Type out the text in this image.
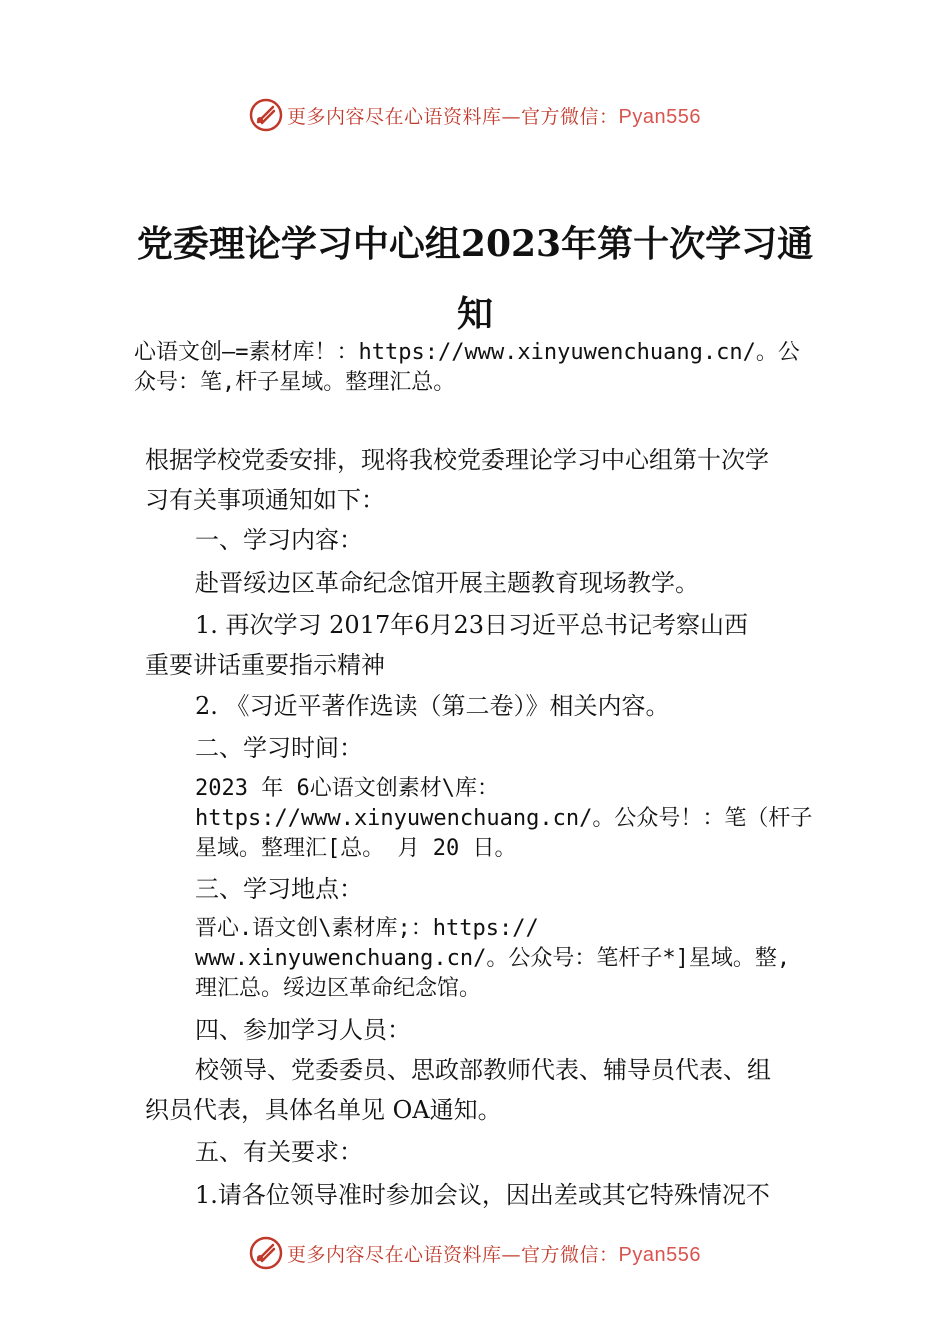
更多内容尽在心语资料库—官方微信：Pyan556
党委理论学习中心组2023年第十次学习通
知
心语文创—=素材库！：https://www.xinyuwenchuang.cn/。公
众号：笔,杆子星域。整理汇总。
根据学校党委安排，现将我校党委理论学习中心组第十次学
习有关事项通知如下：
一、学习内容：
赴晋绥边区革命纪念馆开展主题教育现场教学。
1. 再次学习 2017年6月23日习近平总书记考察山西
重要讲话重要指示精神
2. 《习近平著作选读（第二卷）》相关内容。
二、学习时间：
2023 年 6心语文创素材\库：
https://www.xinyuwenchuang.cn/。公众号！：笔（杆子
星域。整理汇[总。 月 20 日。
三、学习地点：
晋心.语文创\素材库;：https://
www.xinyuwenchuang.cn/。公众号：笔杆子*]星域。整,
理汇总。绥边区革命纪念馆。
四、参加学习人员：
校领导、党委委员、思政部教师代表、辅导员代表、组
织员代表，具体名单见 OA通知。
五、有关要求：
1.请各位领导准时参加会议，因出差或其它特殊情况不
更多内容尽在心语资料库—官方微信：Pyan556
